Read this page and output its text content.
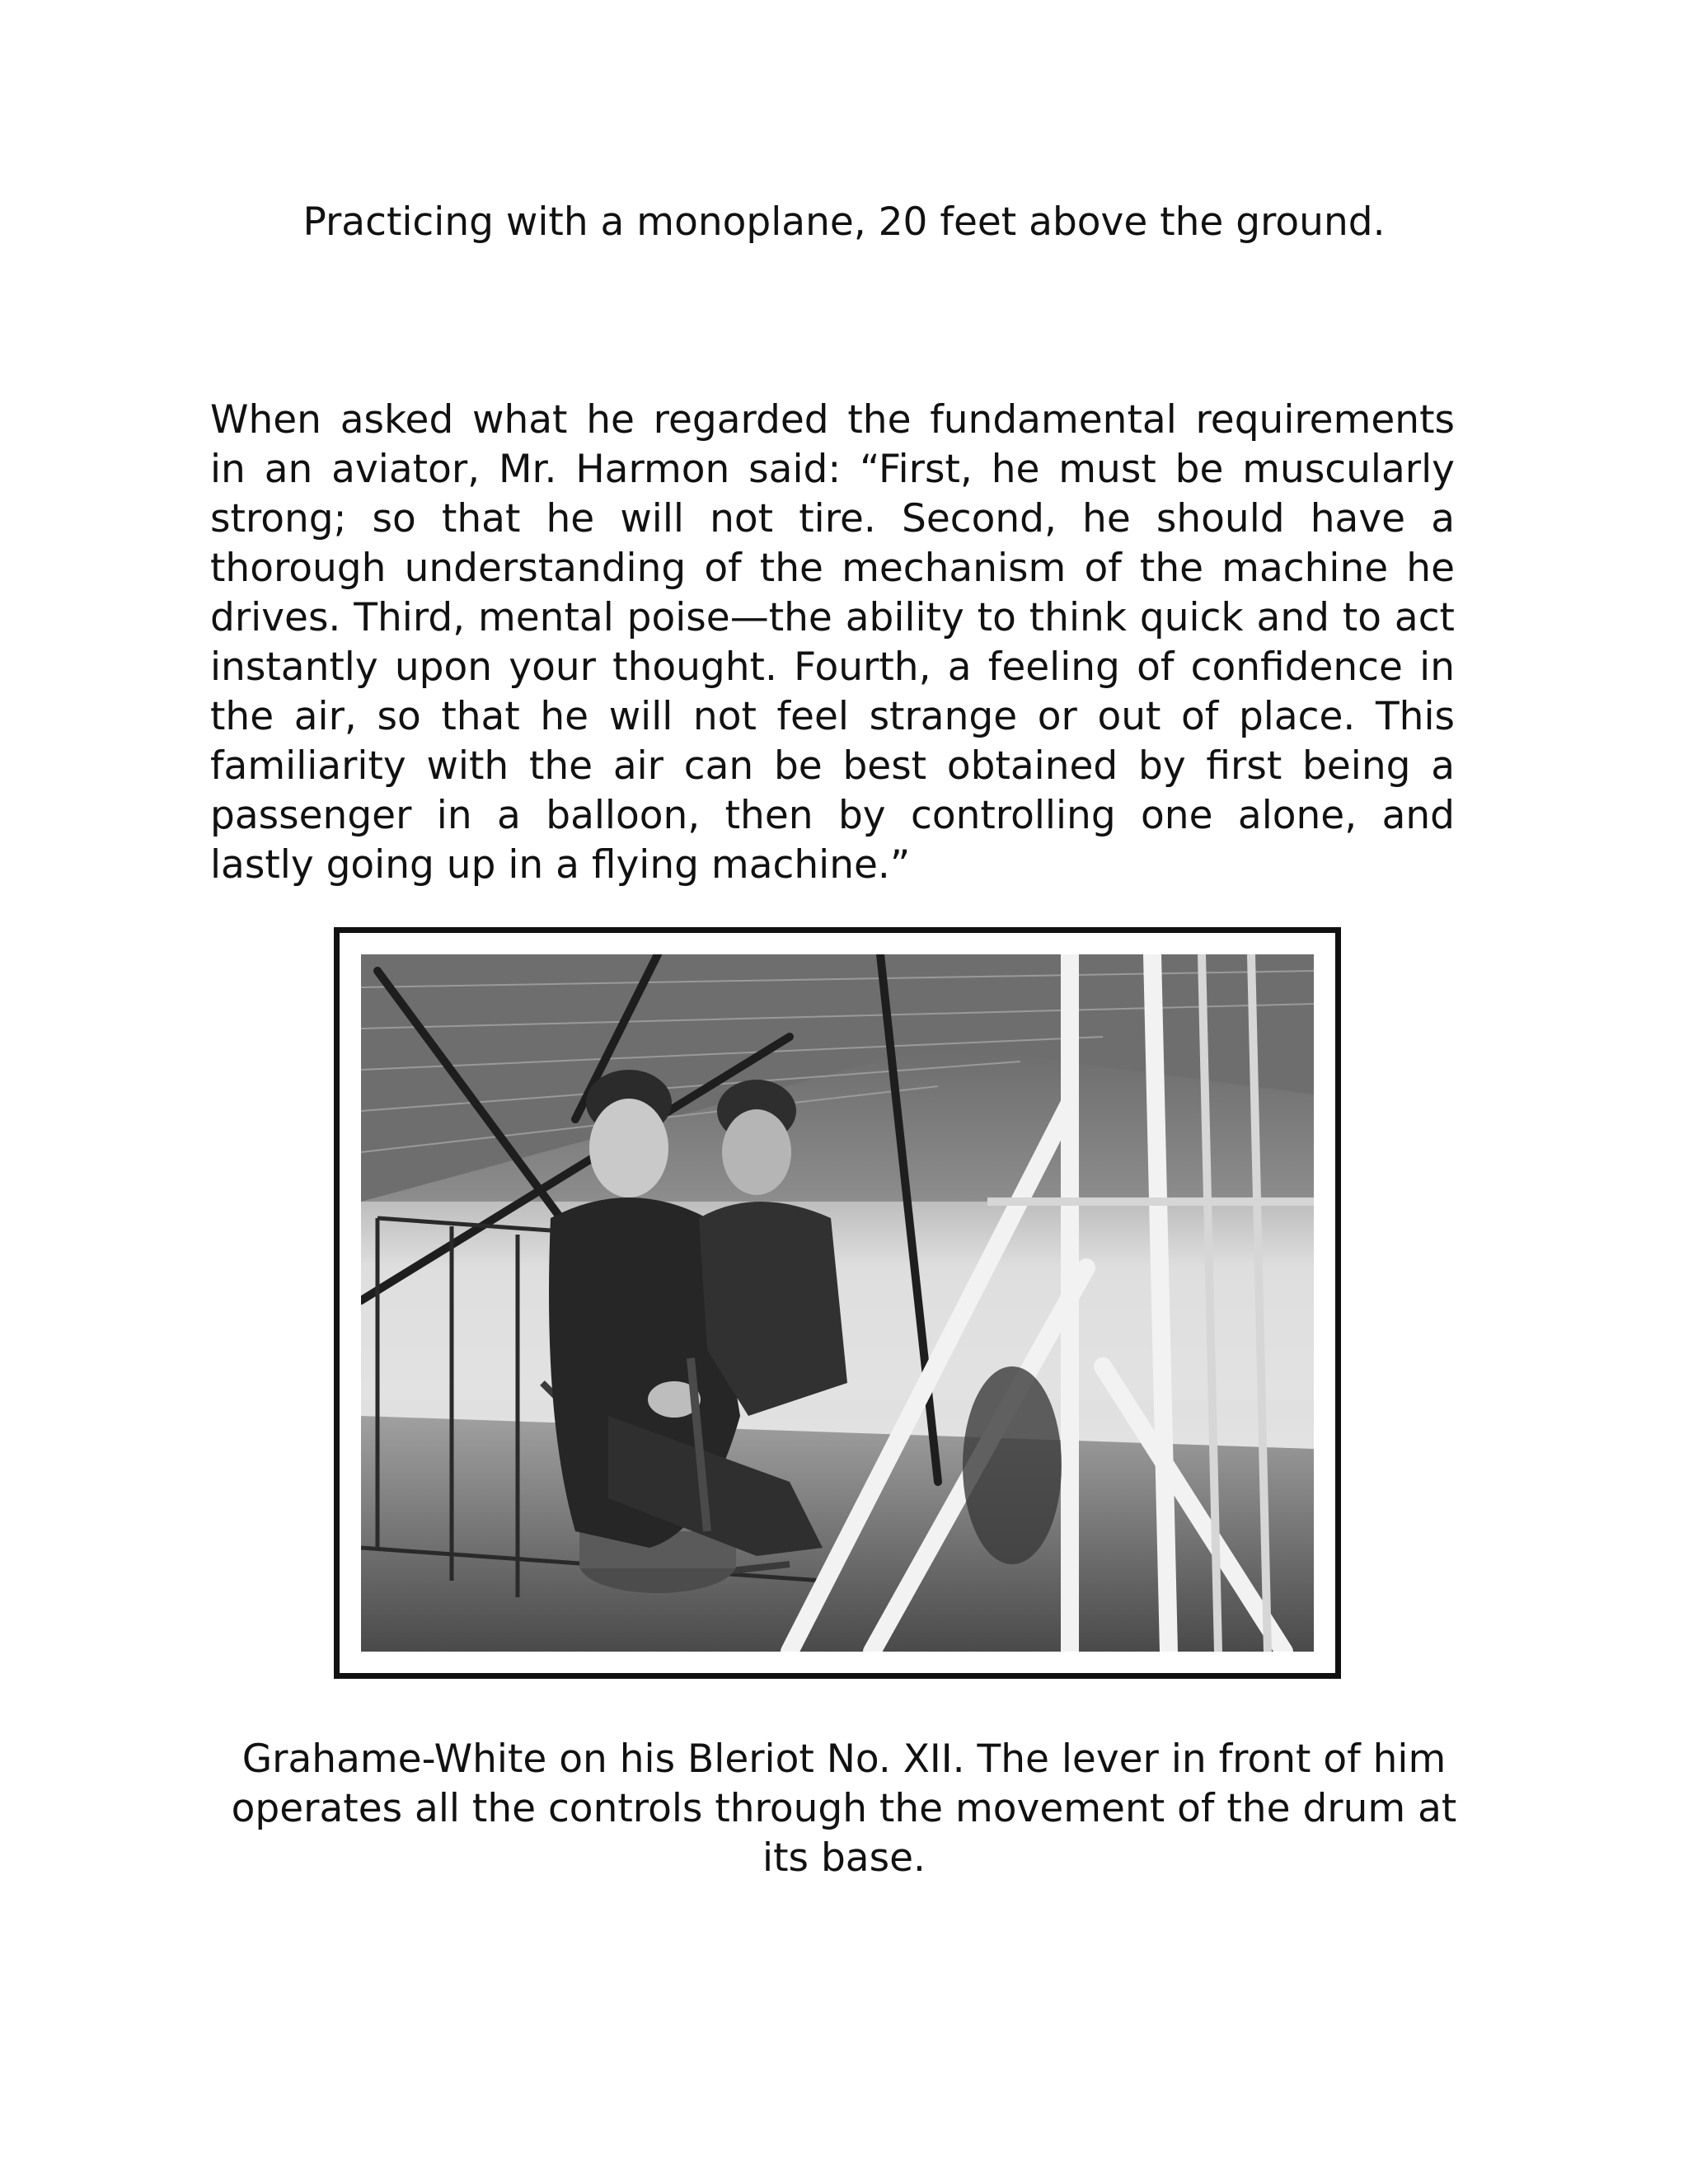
Practicing with a monoplane, 20 feet above the ground.

When asked what he regarded the fundamental requirements in an aviator, Mr. Harmon said: “First, he must be muscularly strong; so that he will not tire. Second, he should have a thorough understanding of the mechanism of the machine he drives. Third, mental poise—the ability to think quick and to act instantly upon your thought. Fourth, a feeling of confidence in the air, so that he will not feel strange or out of place. This familiarity with the air can be best obtained by first being a passenger in a balloon, then by controlling one alone, and lastly going up in a flying machine.”

Grahame-White on his Bleriot No. XII. The lever in front of him operates all the controls through the movement of the drum at its base.
